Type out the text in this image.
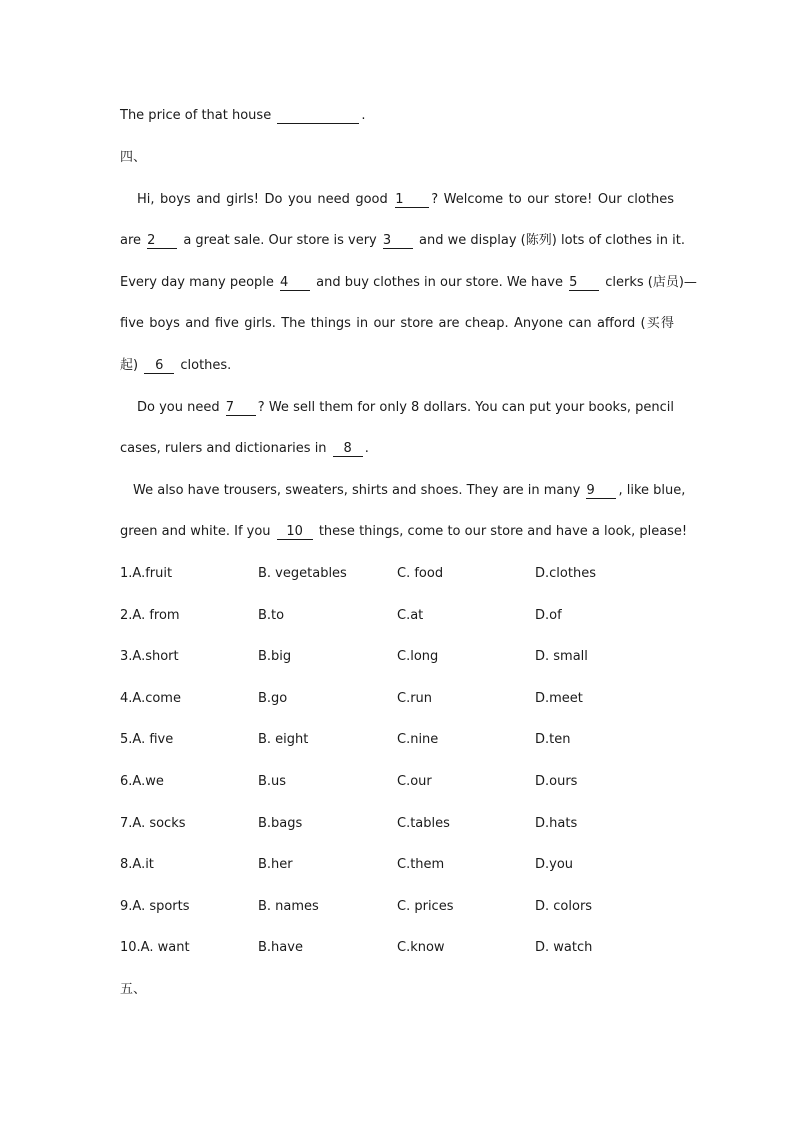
The price of that house	.
四、
Hi, boys and girls! Do you need good 1 ? Welcome to our store! Our clothes
are 2 a great sale. Our store is very 3 and we display (陈列) lots of clothes in it.
Every day many people 4 and buy clothes in our store. We have 5 clerks (店员)—
five boys and five girls. The things in our store are cheap. Anyone can afford (买得
起) 6 clothes.
Do you need 7 ? We sell them for only 8 dollars. You can put your books, pencil
cases, rulers and dictionaries in 8 .
We also have trousers, sweaters, shirts and shoes. They are in many 9 , like blue,
green and white. If you 10 these things, come to our store and have a look, please!
1.A.fruit	B. vegetables	C. food	D.clothes
2.A. from	B.to	C.at	D.of
3.A.short	B.big	C.long	D. small
4.A.come	B.go	C.run	D.meet
5.A. five	B. eight	C.nine	D.ten
6.A.we	B.us	C.our	D.ours
7.A. socks	B.bags	C.tables	D.hats
8.A.it	B.her	C.them	D.you
9.A. sports	B. names	C. prices	D. colors
10.A. want	B.have	C.know	D. watch
五、
